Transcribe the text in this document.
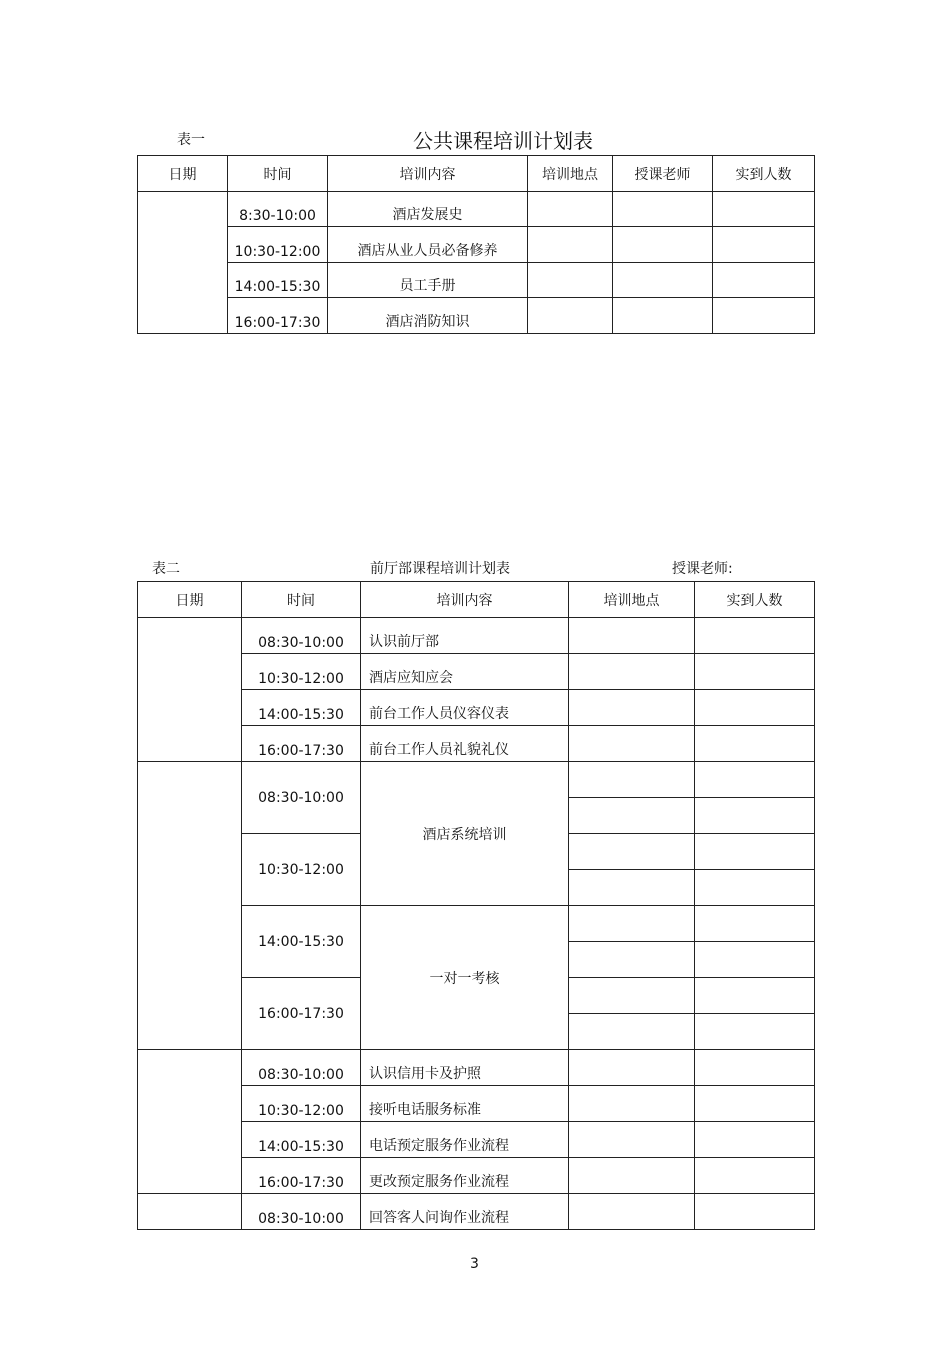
表一	公共课程培训计划表
日期	时间	培训内容	培训地点	授课老师	实到人数
	8:30-10:00	酒店发展史			
	10:30-12:00	酒店从业人员必备修养			
	14:00-15:30	员工手册			
	16:00-17:30	酒店消防知识			
表二	前厅部课程培训计划表	授课老师:
日期	时间	培训内容	培训地点	实到人数
	08:30-10:00	认识前厅部		
	10:30-12:00	酒店应知应会		
	14:00-15:30	前台工作人员仪容仪表		
	16:00-17:30	前台工作人员礼貌礼仪		
	08:30-10:00	酒店系统培训		

	10:30-12:00			

	14:00-15:30	一对一考核		

	16:00-17:30			

	08:30-10:00	认识信用卡及护照		
	10:30-12:00	接听电话服务标准		
	14:00-15:30	电话预定服务作业流程		
	16:00-17:30	更改预定服务作业流程		
	08:30-10:00	回答客人问询作业流程		
3
